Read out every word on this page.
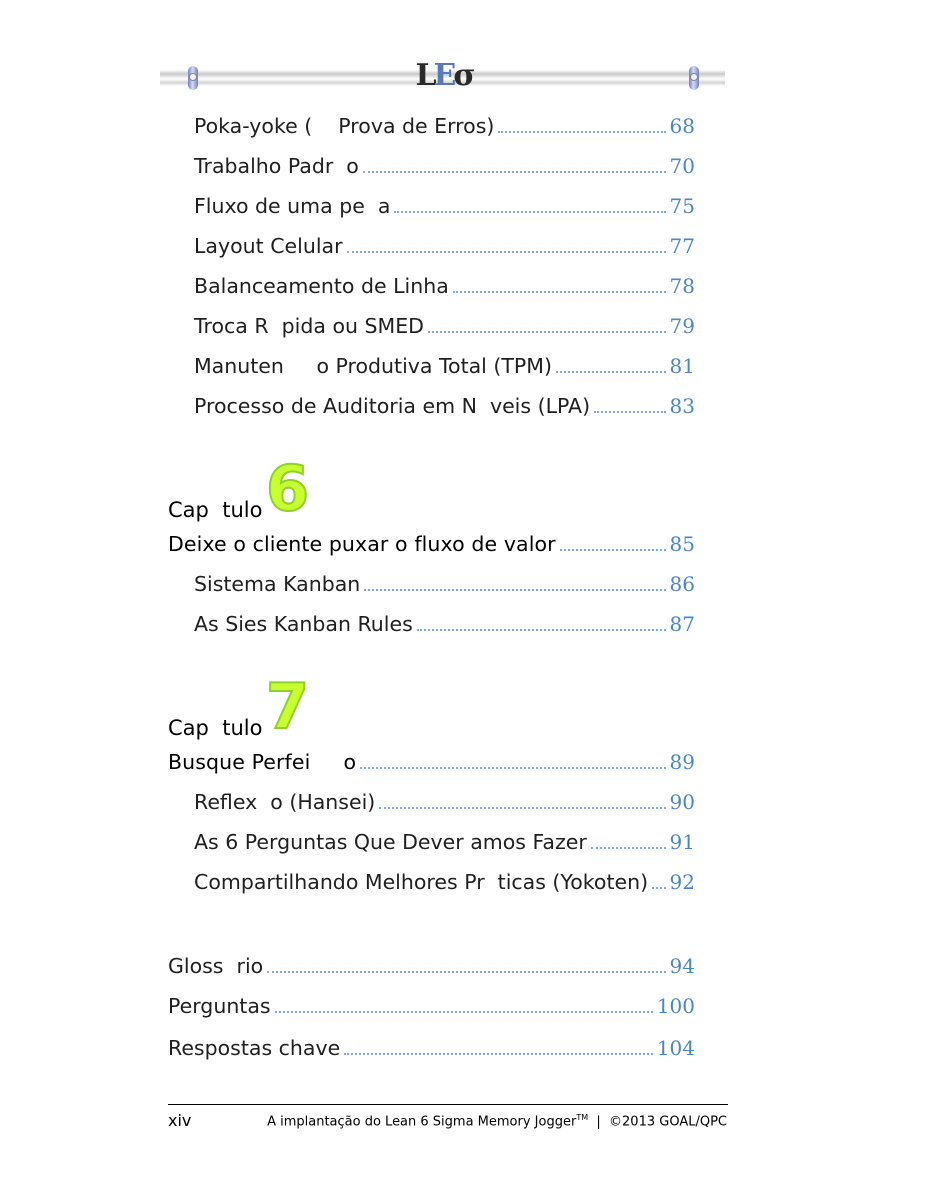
LEσ
Poka-yoke (    Prova de Erros)	68
Trabalho Padr  o	70
Fluxo de uma pe  a	75
Layout Celular	77
Balanceamento de Linha	78
Troca R  pida ou SMED	79
Manuten     o Produtiva Total (TPM)	81
Processo de Auditoria em N  veis (LPA)	83
Cap  tulo 6
Deixe o cliente puxar o fluxo de valor	85
Sistema Kanban	86
As Sies Kanban Rules	87
Cap  tulo 7
Busque Perfei     o	89
Reflex  o (Hansei)	90
As 6 Perguntas Que Dever amos Fazer	91
Compartilhando Melhores Pr  ticas (Yokoten) 92
Gloss  rio	94
Perguntas	100
Respostas chave	104
xiv	A implantação do Lean 6 Sigma Memory Jogger™  |  ©2013 GOAL/QPC
